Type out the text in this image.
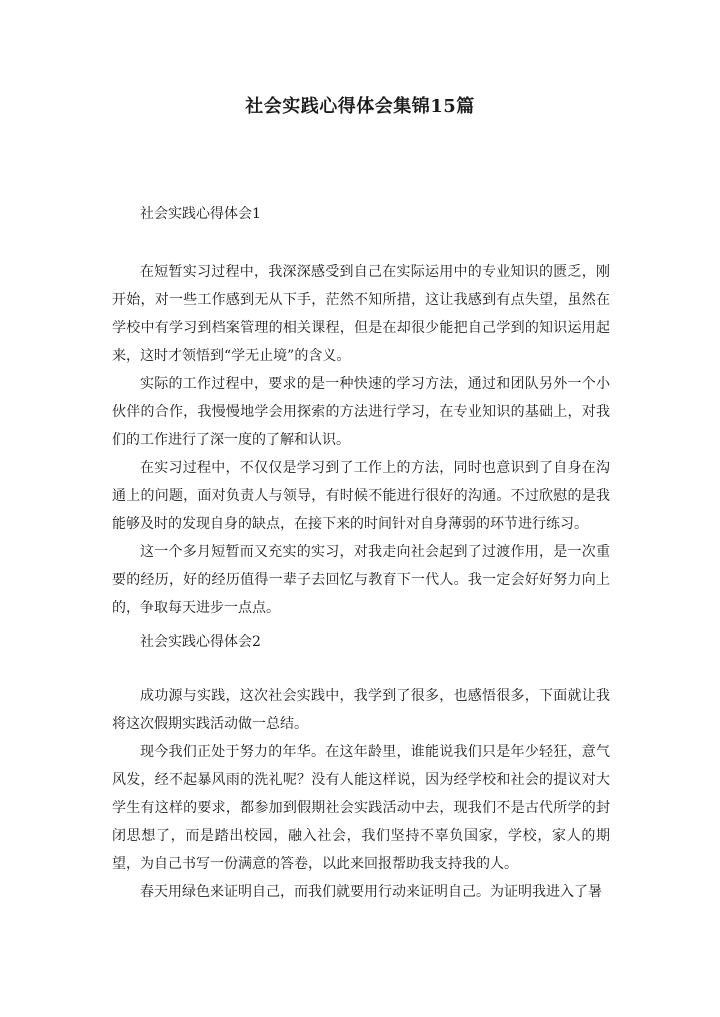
社会实践心得体会集锦15篇
社会实践心得体会1
在短暂实习过程中，我深深感受到自己在实际运用中的专业知识的匮乏，刚开始，对一些工作感到无从下手，茫然不知所措，这让我感到有点失望，虽然在学校中有学习到档案管理的相关课程，但是在却很少能把自己学到的知识运用起来，这时才领悟到“学无止境”的含义。
实际的工作过程中，要求的是一种快速的学习方法，通过和团队另外一个小伙伴的合作，我慢慢地学会用探索的方法进行学习，在专业知识的基础上，对我们的工作进行了深一度的了解和认识。
在实习过程中，不仅仅是学习到了工作上的方法，同时也意识到了自身在沟通上的问题，面对负责人与领导，有时候不能进行很好的沟通。不过欣慰的是我能够及时的发现自身的缺点，在接下来的时间针对自身薄弱的环节进行练习。
这一个多月短暂而又充实的实习，对我走向社会起到了过渡作用，是一次重要的经历，好的经历值得一辈子去回忆与教育下一代人。我一定会好好努力向上的，争取每天进步一点点。
社会实践心得体会2
成功源与实践，这次社会实践中，我学到了很多，也感悟很多，下面就让我将这次假期实践活动做一总结。
现今我们正处于努力的年华。在这年龄里，谁能说我们只是年少轻狂，意气风发，经不起暴风雨的洗礼呢？没有人能这样说，因为经学校和社会的提议对大学生有这样的要求，都参加到假期社会实践活动中去，现我们不是古代所学的封闭思想了，而是踏出校园，融入社会，我们坚持不辜负国家，学校，家人的期望，为自己书写一份满意的答卷，以此来回报帮助我支持我的人。
春天用绿色来证明自己，而我们就要用行动来证明自己。为证明我进入了暑
